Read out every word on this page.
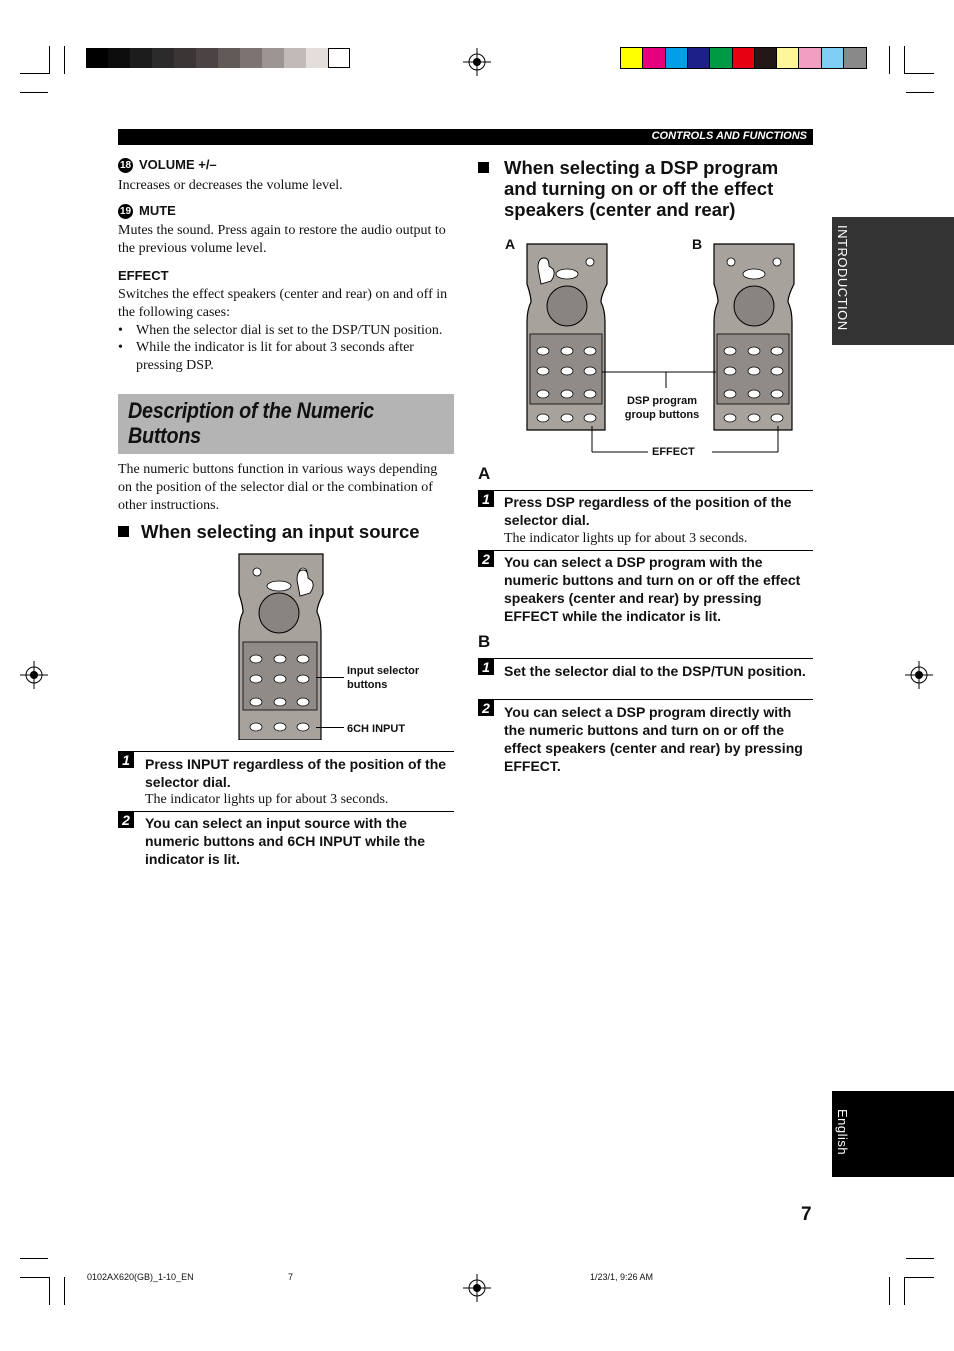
CONTROLS AND FUNCTIONS
INTRODUCTION
English
18 VOLUME +/–
Increases or decreases the volume level.
19 MUTE
Mutes the sound. Press again to restore the audio output to the previous volume level.
EFFECT
Switches the effect speakers (center and rear) on and off in the following cases:
• When the selector dial is set to the DSP/TUN position.
• While the indicator is lit for about 3 seconds after pressing DSP.
Description of the Numeric
Buttons
The numeric buttons function in various ways depending on the position of the selector dial or the combination of other instructions.
When selecting an input source
Input selector buttons
6CH INPUT
1 Press INPUT regardless of the position of the selector dial.
The indicator lights up for about 3 seconds.
2 You can select an input source with the numeric buttons and 6CH INPUT while the indicator is lit.
When selecting a DSP program and turning on or off the effect speakers (center and rear)
A	B
DSP program group buttons
EFFECT
A
1 Press DSP regardless of the position of the selector dial.
The indicator lights up for about 3 seconds.
2 You can select a DSP program with the numeric buttons and turn on or off the effect speakers (center and rear) by pressing EFFECT while the indicator is lit.
B
1 Set the selector dial to the DSP/TUN position.
2 You can select a DSP program directly with the numeric buttons and turn on or off the effect speakers (center and rear) by pressing EFFECT.
7
0102AX620(GB)_1-10_EN	7	1/23/1, 9:26 AM
